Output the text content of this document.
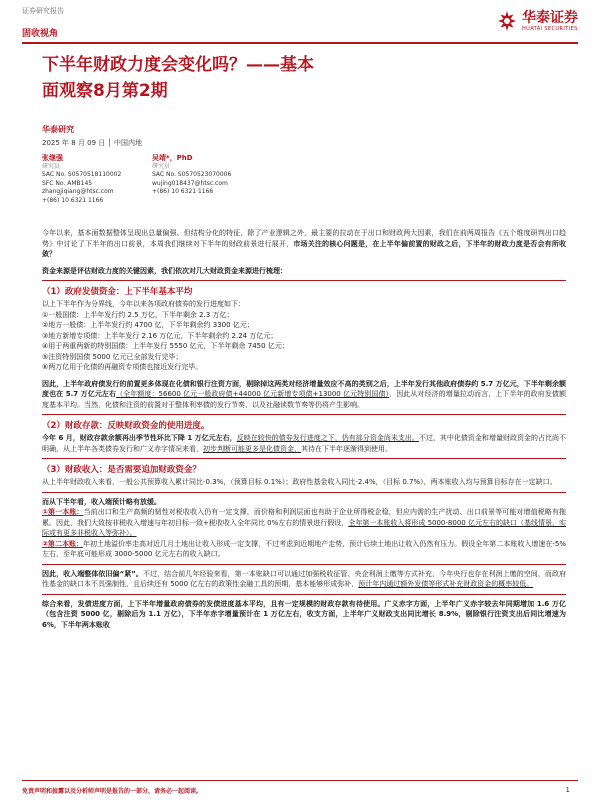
证券研究报告
固收视角
华泰证券
HUATAI SECURITIES
下半年财政力度会变化吗？——基本
面观察8月第2期
华泰研究
2025 年 8 月 09 日 │ 中国内地
张继强
研究员
SAC No. S0570518110002
SFC No. AMB145
zhangjiqiang@htsc.com
+(86) 10 6321 1166
吴靖*，PhD
研究员
SAC No. S0570523070006
wujing018437@htsc.com
+(86) 10 6321 1166

今年以来，基本面数据整体呈现出总量偏强、但结构分化的特征，除了产业逻辑之外，最主要的拉动在于出口和财政两大因素，我们在前两周报告《五个维度研判出口趋势》中讨论了下半年的出口前景，本周我们继续对下半年的财政前景进行展开，市场关注的核心问题是，在上半年偏前置的财政之后，下半年的财政力度是否会有所收敛？

资金来源是评估财政力度的关键因素，我们依次对几大财政资金来源进行梳理：

（1）政府发债资金：上下半年基本平均

以上下半年作为分界线，今年以来各项政府债券的发行进度如下：

①一般国债：上半年发行约 2.5 万亿，下半年剩余 2.3 万亿；

②地方一般债：上半年发行约 4700 亿，下半年剩余约 3300 亿元；

③地方新增专项债：上半年发行 2.16 万亿元，下半年剩余约 2.24 万亿元；

④用于两重两新的特别国债：上半年发行 5550 亿元，下半年剩余 7450 亿元；

⑤注资特别国债 5000 亿元已全部发行完毕；

⑥两万亿用于化债的再融资专项债也接近发行完毕。

因此，上半年政府债发行的前置更多体现在化债和银行注资方面，剔除掉这两类对经济增量效应不高的类别之后，上半年发行其他政府债券约 5.7 万亿元，下半年剩余额度也在 5.7 万亿元左右（全年额度：56600 亿元一般政府债+44000 亿元新增专项债+13000 亿元特别国债），因此从对经济的增量拉动而言，上下半年的政府发债额度基本平均。当然，化债和注资的前置对于整体利率债的发行节奏、以及社融读数节奏等仍将产生影响。

（2）财政存款：反映财政资金的使用进度。

今年 6 月，财政存款余额再出季节性环比下降 1 万亿元左右，反映在较快的债券发行进度之下，仍有部分资金尚未支出。不过，其中化债资金和增量财政资金的占比尚不明确，从上半年各类债券发行和广义赤字情况来看，初步判断可能更多是化债资金，其待在下半年逐渐得到使用。

（3）财政收入：是否需要追加财政资金？

从上半年财政收入来看，一般公共预算收入累计同比-0.3%，（预算目标 0.1%）；政府性基金收入同比-2.4%，（目标 0.7%），两本账收入均与预算目标存在一定缺口。

而从下半年看，收入端预计略有放缓。

①第一本账：当前出口和生产高频的韧性对税收收入仍有一定支撑，而价格和利润层面也有助于企业所得税企稳，但应内需的生产扰动、出口前景等可能对增值税略有拖累。因此，我们大致按非税收入增速与年初目标一致+税收收入全年同比 0%左右的情景进行假设，全年第一本账收入将形成 5000-8000 亿元左右的缺口（基线情景，实际或有更多非税收入等弥补）。

②第二本账：年初土地溢价率走高对近几月土地出让收入形成一定支撑，不过考虑到近期地产走势，预计后续土地出让收入仍然有压力。假设全年第二本账收入增速在-5%左右，至年底可能形成 3000-5000 亿元左右的收入缺口。

因此，收入端整体依旧偏“紧”。不过，结合前几年经验来看，第一本账缺口可以通过加强税收征管、央企利润上缴等方式补充，今年央行也存在利润上缴的空间，而政府性基金的缺口本不具强制性，且后续还有 5000 亿左右的政策性金融工具的预期，基本能够形成弥补，预计年内通过额外发债等形式补充财政资金的概率较低。

综合来看，发债进度方面，上下半年增量政府债券的发债进度基本平均，且有一定规模的财政存款有待使用。广义赤字方面，上半年广义赤字较去年同期增加 1.6 万亿（包含注资 5000 亿，剔除后为 1.1 万亿），下半年赤字增量预计在 1 万亿左右，收支方面，上半年广义财政支出同比增长 8.9%，剔除银行注资支出后同比增速为 6%，下半年两本账收

免责声明和披露以及分析师声明是报告的一部分，请务必一起阅读。	1
